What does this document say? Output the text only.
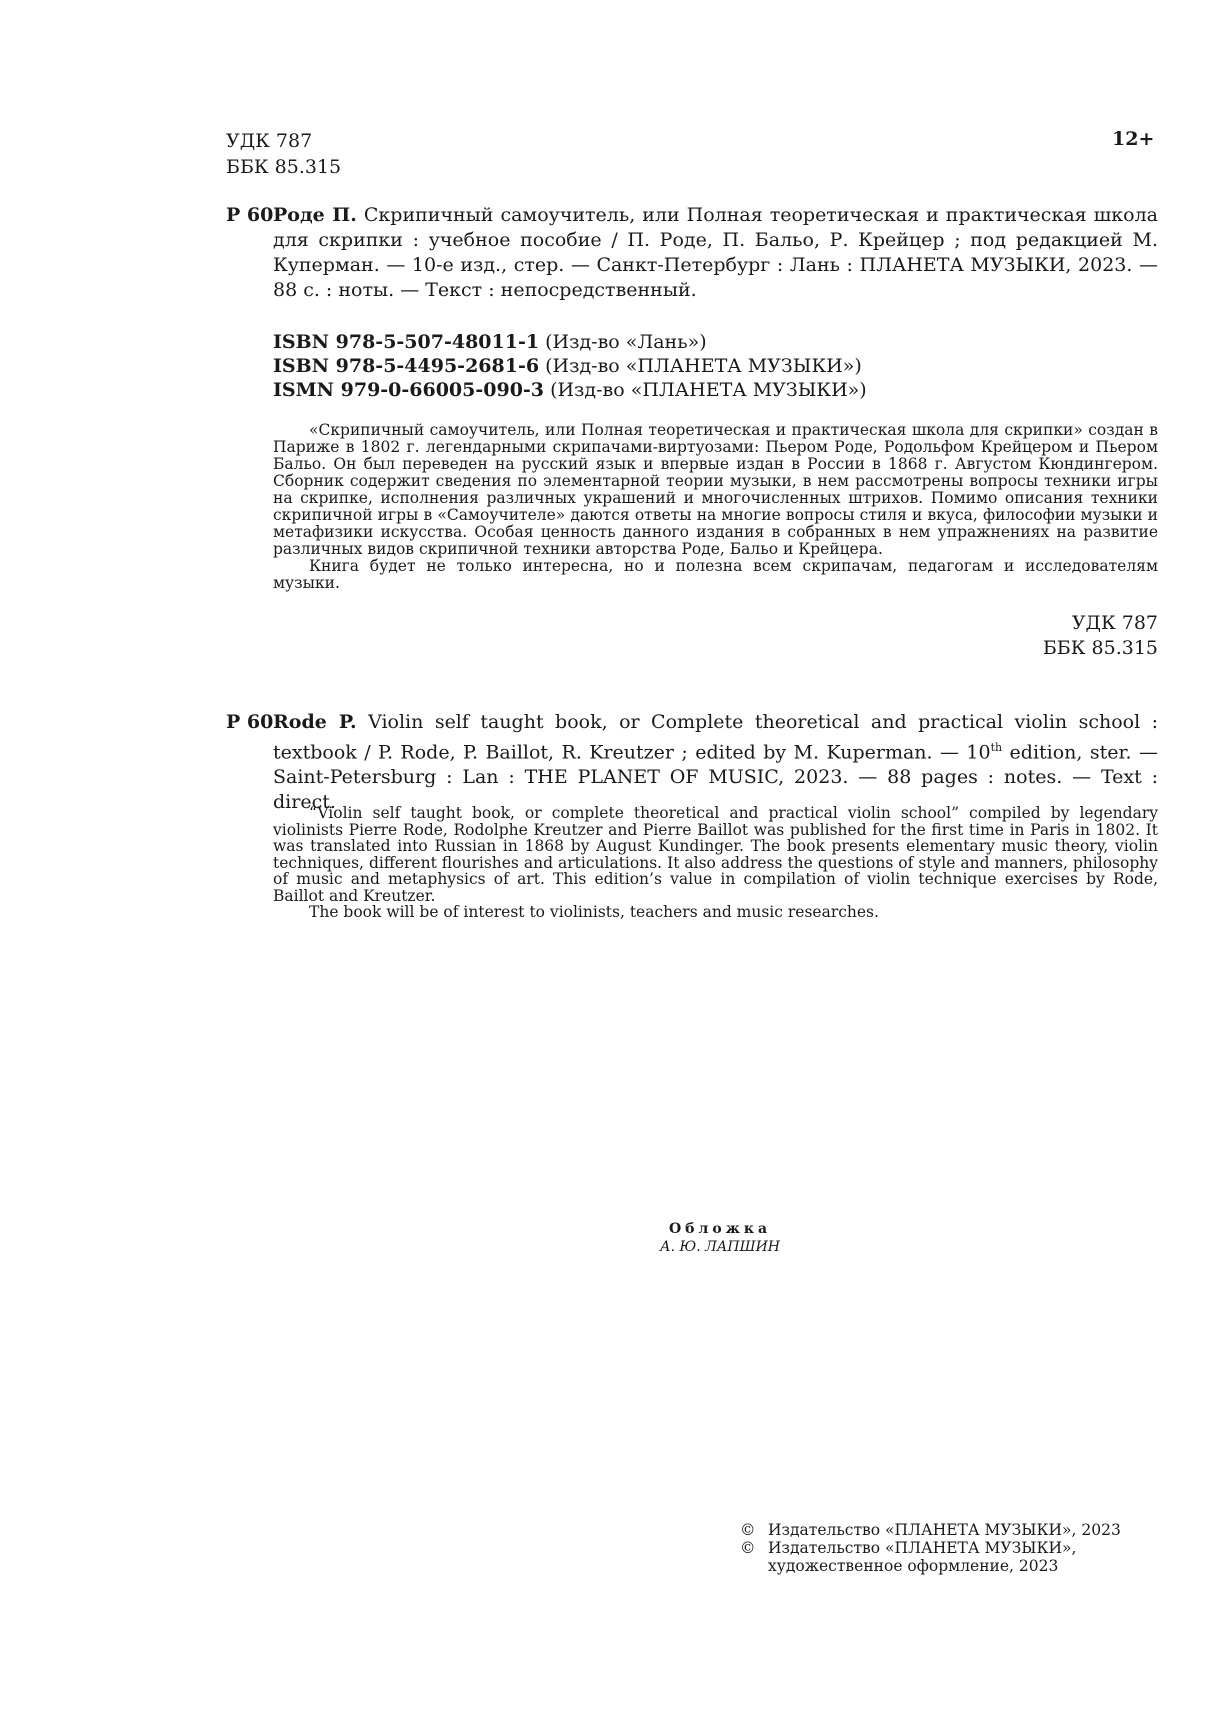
УДК 787
ББК 85.315
12+
Р 60 Роде П. Скрипичный самоучитель, или Полная теоретическая и практическая школа для скрипки : учебное пособие / П. Роде, П. Бальо, Р. Крейцер ; под редакцией М. Куперман. — 10-е изд., стер. — Санкт-Петербург : Лань : ПЛАНЕТА МУЗЫКИ, 2023. — 88 с. : ноты. — Текст : непосредственный.
ISBN 978-5-507-48011-1 (Изд-во «Лань»)
ISBN 978-5-4495-2681-6 (Изд-во «ПЛАНЕТА МУЗЫКИ»)
ISMN 979-0-66005-090-3 (Изд-во «ПЛАНЕТА МУЗЫКИ»)

«Скрипичный самоучитель, или Полная теоретическая и практическая школа для скрипки» создан в Париже в 1802 г. легендарными скрипачами-виртуозами: Пьером Роде, Родольфом Крейцером и Пьером Бальо. Он был переведен на русский язык и впервые издан в России в 1868 г. Августом Кюндингером. Сборник содержит сведения по элементарной теории музыки, в нем рассмотрены вопросы техники игры на скрипке, исполнения различных украшений и многочисленных штрихов. Помимо описания техники скрипичной игры в «Самоучителе» даются ответы на многие вопросы стиля и вкуса, философии музыки и метафизики искусства. Особая ценность данного издания в собранных в нем упражнениях на развитие различных видов скрипичной техники авторства Роде, Бальо и Крейцера.

Книга будет не только интересна, но и полезна всем скрипачам, педагогам и исследователям музыки.

УДК 787
ББК 85.315
Р 60 Rode P. Violin self taught book, or Complete theoretical and practical violin school : textbook / P. Rode, P. Baillot, R. Kreutzer ; edited by M. Kuperman. — 10th edition, ster. — Saint-Petersburg : Lan : THE PLANET OF MUSIC, 2023. — 88 pages : notes. — Text : direct.

“Violin self taught book, or complete theoretical and practical violin school” compiled by legendary violinists Pierre Rode, Rodolphe Kreutzer and Pierre Baillot was published for the first time in Paris in 1802. It was translated into Russian in 1868 by August Kundinger. The book presents elementary music theory, violin techniques, different flourishes and articulations. It also address the questions of style and manners, philosophy of music and metaphysics of art. This edition’s value in compilation of violin technique exercises by Rode, Baillot and Kreutzer.

The book will be of interest to violinists, teachers and music researches.

Обложка
А. Ю. ЛАПШИН
© Издательство «ПЛАНЕТА МУЗЫКИ», 2023
© Издательство «ПЛАНЕТА МУЗЫКИ»,
художественное оформление, 2023
